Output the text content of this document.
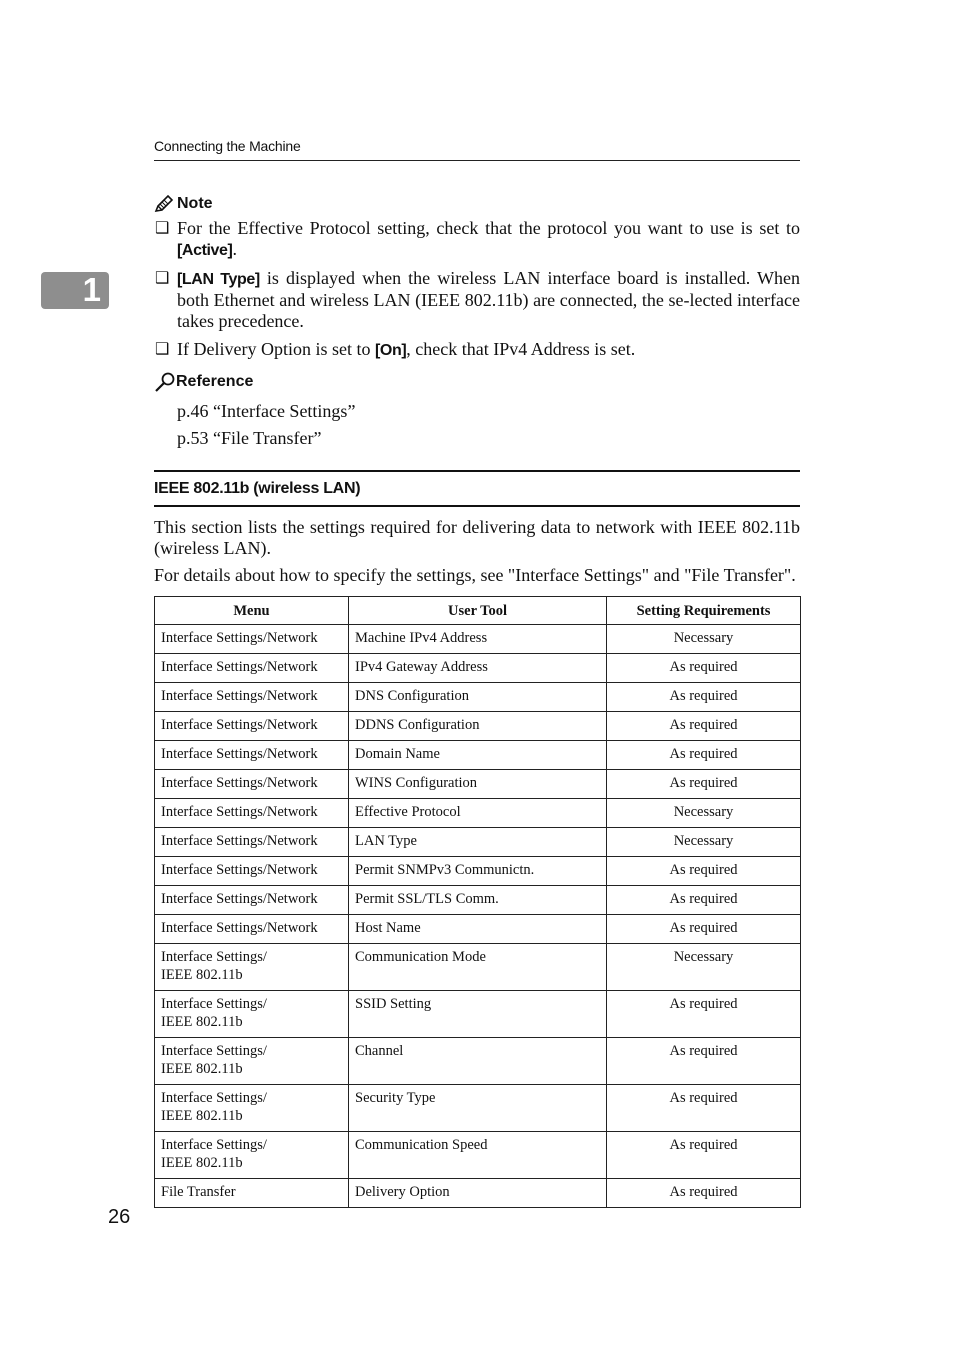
Connecting the Machine
1
Note
❑ For the Effective Protocol setting, check that the protocol you want to use is set to [Active].
❑ [LAN Type] is displayed when the wireless LAN interface board is installed. When both Ethernet and wireless LAN (IEEE 802.11b) are connected, the se-lected interface takes precedence.
❑ If Delivery Option is set to [On], check that IPv4 Address is set.
Reference
p.46 “Interface Settings”
p.53 “File Transfer”
IEEE 802.11b (wireless LAN)
This section lists the settings required for delivering data to network with IEEE 802.11b (wireless LAN).
For details about how to specify the settings, see "Interface Settings" and "File Transfer".
Menu	User Tool	Setting Requirements
Interface Settings/Network	Machine IPv4 Address	Necessary
Interface Settings/Network	IPv4 Gateway Address	As required
Interface Settings/Network	DNS Configuration	As required
Interface Settings/Network	DDNS Configuration	As required
Interface Settings/Network	Domain Name	As required
Interface Settings/Network	WINS Configuration	As required
Interface Settings/Network	Effective Protocol	Necessary
Interface Settings/Network	LAN Type	Necessary
Interface Settings/Network	Permit SNMPv3 Communictn.	As required
Interface Settings/Network	Permit SSL/TLS Comm.	As required
Interface Settings/Network	Host Name	As required
Interface Settings/
IEEE 802.11b	Communication Mode	Necessary
Interface Settings/
IEEE 802.11b	SSID Setting	As required
Interface Settings/
IEEE 802.11b	Channel	As required
Interface Settings/
IEEE 802.11b	Security Type	As required
Interface Settings/
IEEE 802.11b	Communication Speed	As required
File Transfer	Delivery Option	As required
26
